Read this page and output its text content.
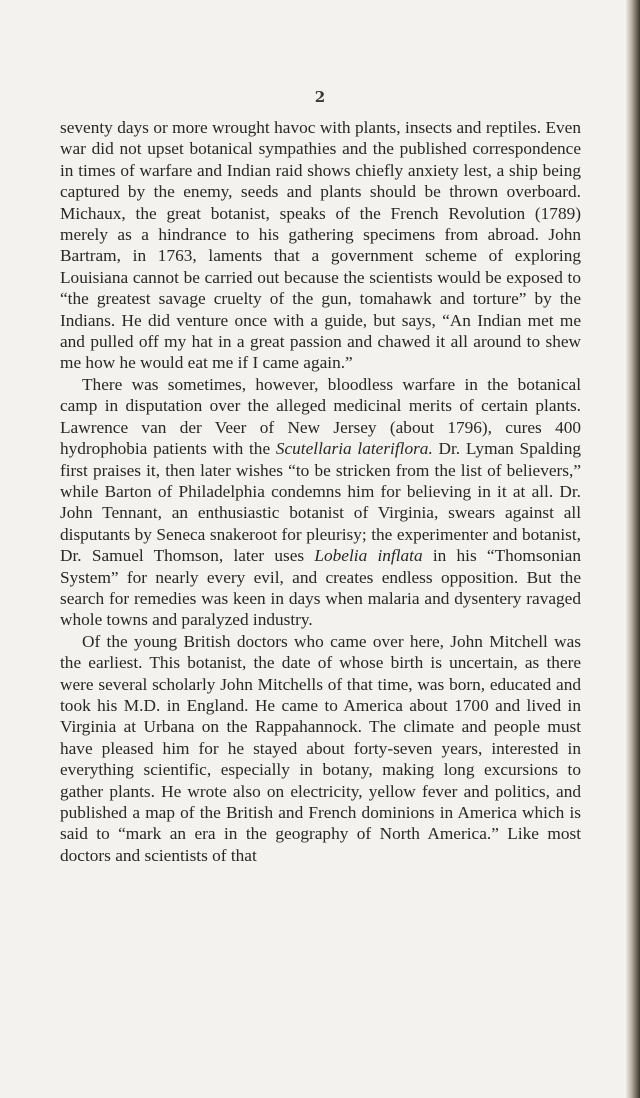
2

seventy days or more wrought havoc with plants, insects and reptiles. Even war did not upset botanical sympathies and the published correspondence in times of warfare and Indian raid shows chiefly anxiety lest, a ship being captured by the enemy, seeds and plants should be thrown overboard. Michaux, the great botanist, speaks of the French Revolution (1789) merely as a hindrance to his gathering specimens from abroad. John Bartram, in 1763, laments that a government scheme of exploring Louisiana cannot be carried out because the scientists would be exposed to “the greatest savage cruelty of the gun, tomahawk and torture” by the Indians. He did venture once with a guide, but says, “An Indian met me and pulled off my hat in a great passion and chawed it all around to shew me how he would eat me if I came again.”

There was sometimes, however, bloodless warfare in the botanical camp in disputation over the alleged medicinal merits of certain plants. Lawrence van der Veer of New Jersey (about 1796), cures 400 hydrophobia patients with the Scutellaria lateriflora. Dr. Lyman Spalding first praises it, then later wishes “to be stricken from the list of believers,” while Barton of Philadelphia condemns him for believing in it at all. Dr. John Tennant, an enthusiastic botanist of Virginia, swears against all disputants by Seneca snakeroot for pleurisy; the experimenter and botanist, Dr. Samuel Thomson, later uses Lobelia inflata in his “Thomsonian System” for nearly every evil, and creates endless opposition. But the search for remedies was keen in days when malaria and dysentery ravaged whole towns and paralyzed industry.

Of the young British doctors who came over here, John Mitchell was the earliest. This botanist, the date of whose birth is uncertain, as there were several scholarly John Mitchells of that time, was born, educated and took his M.D. in England. He came to America about 1700 and lived in Virginia at Urbana on the Rappahannock. The climate and people must have pleased him for he stayed about forty-seven years, interested in everything scientific, especially in botany, making long excursions to gather plants. He wrote also on electricity, yellow fever and politics, and published a map of the British and French dominions in America which is said to “mark an era in the geography of North America.” Like most doctors and scientists of that
